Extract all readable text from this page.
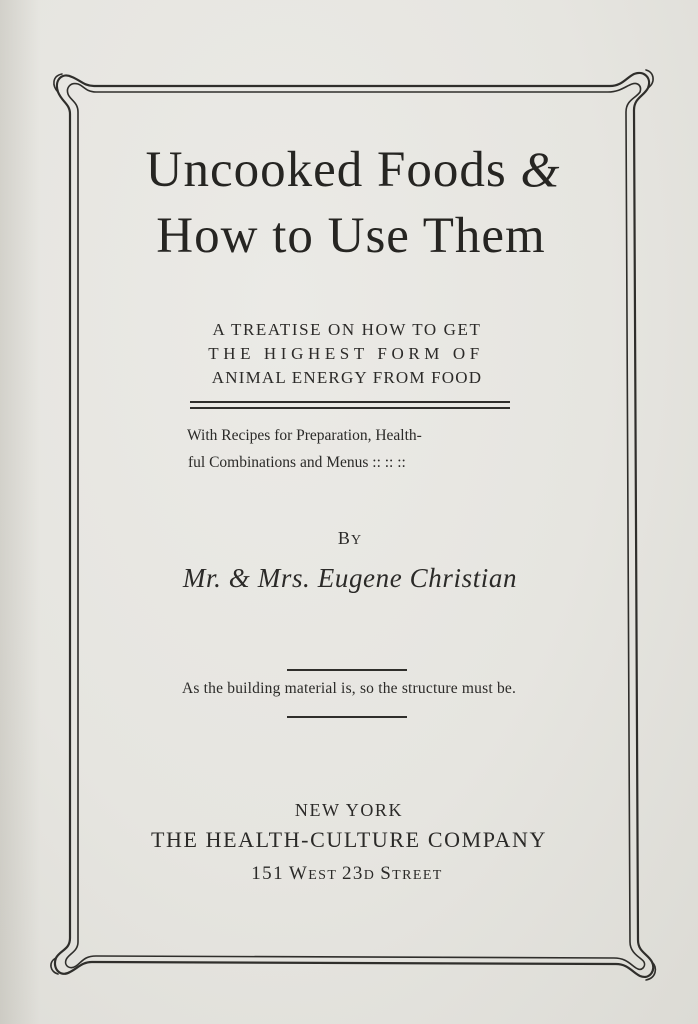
Uncooked Foods &
How to Use Them

A TREATISE ON HOW TO GET

THE HIGHEST FORM OF

ANIMAL ENERGY FROM FOOD

With Recipes for Preparation, Health-

ful Combinations and Menus :: :: ::

BY

Mr. & Mrs. Eugene Christian

As the building material is, so the structure must be.

NEW YORK

THE HEALTH-CULTURE COMPANY

151 WEST 23D STREET
